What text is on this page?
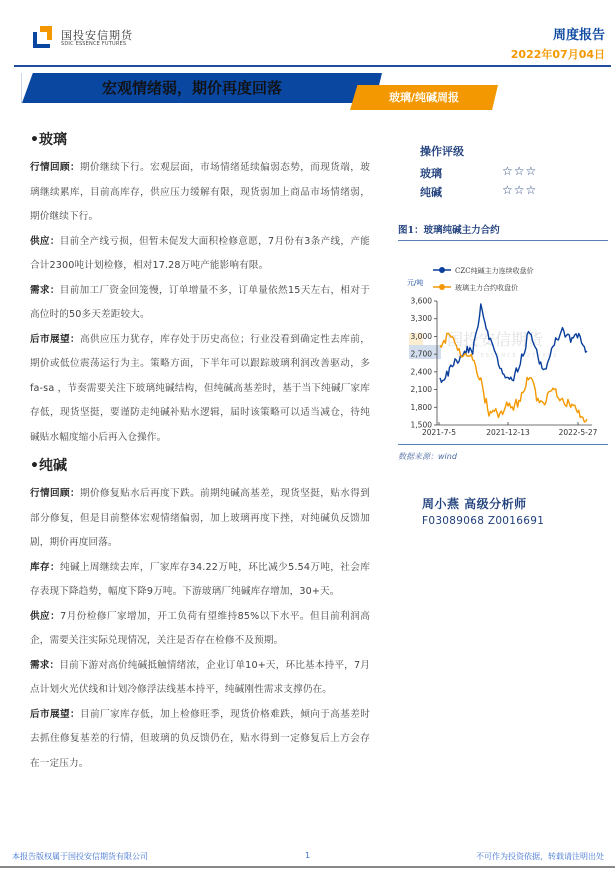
国投安信期货
SDIC ESSENCE FUTURES
周度报告
2022年07月04日
宏观情绪弱，期价再度回落
玻璃/纯碱周报
•玻璃

行情回顾：期价继续下行。宏观层面，市场情绪延续偏弱态势，而现货端，玻璃继续累库，目前高库存，供应压力缓解有限，现货弱加上商品市场情绪弱，期价继续下行。

供应：目前全产线亏损，但暂未促发大面积检修意愿，7月份有3条产线，产能合计2300吨计划检修，相对17.28万吨产能影响有限。

需求：目前加工厂资金回笼慢，订单增量不多，订单量依然15天左右，相对于高位时的50多天差距较大。

后市展望：高供应压力犹存，库存处于历史高位；行业没看到确定性去库前，期价或低位震荡运行为主。策略方面，下半年可以跟踪玻璃利润改善驱动，多fa-sa ，节奏需要关注下玻璃纯碱结构，但纯碱高基差时，基于当下纯碱厂家库存低，现货坚挺，要谨防走纯碱补贴水逻辑，届时该策略可以适当减仓，待纯碱贴水幅度缩小后再入仓操作。

•纯碱

行情回顾：期价修复贴水后再度下跌。前期纯碱高基差，现货坚挺，贴水得到部分修复，但是目前整体宏观情绪偏弱，加上玻璃再度下挫，对纯碱负反馈加剧，期价再度回落。

库存：纯碱上周继续去库，厂家库存34.22万吨，环比减少5.54万吨，社会库存表现下降趋势，幅度下降9万吨。下游玻璃厂纯碱库存增加，30+天。

供应：7月份检修厂家增加，开工负荷有望维持85%以下水平。但目前利润高企，需要关注实际兑现情况，关注是否存在检修不及预期。

需求：目前下游对高价纯碱抵触情绪浓，企业订单10+天，环比基本持平，7月点计划火光伏线和计划冷修浮法线基本持平，纯碱刚性需求支撑仍在。

后市展望：目前厂家库存低，加上检修旺季，现货价格难跌，倾向于高基差时去抓住修复基差的行情，但玻璃的负反馈仍在，贴水得到一定修复后上方会存在一定压力。

操作评级
玻璃	☆☆☆
纯碱	☆☆☆
图1：玻璃纯碱主力合约
国投安信期货
SDIC ESSENCE FUTURES
1,500
1,800
2,100
2,400
2,700
3,000
3,300
3,600
2021-7-5	2021-12-13	2022-5-27
CZC纯碱主力连续收盘价
玻璃主力合约收盘价
元/吨
数据来源：wind
周小燕 高级分析师
F03089068 Z0016691
本报告版权属于国投安信期货有限公司	1	不可作为投资依据，转载请注明出处
